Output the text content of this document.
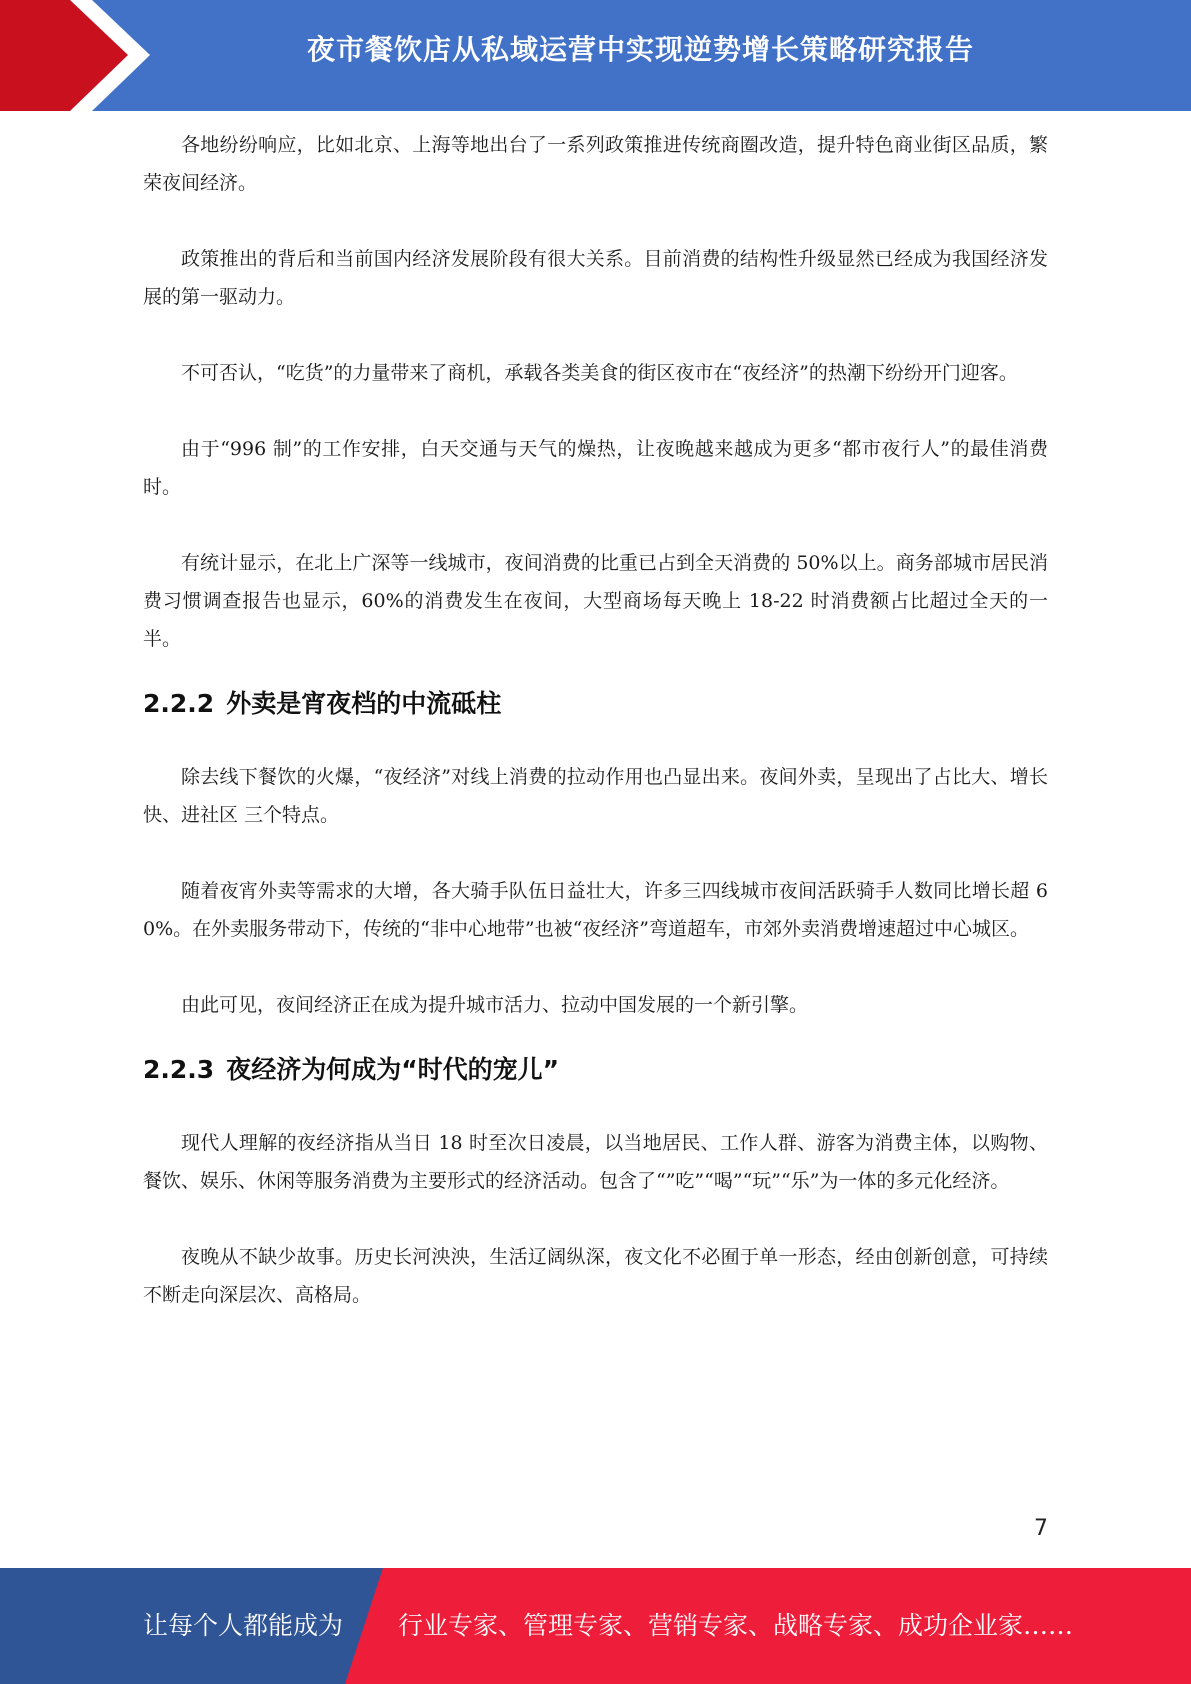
夜市餐饮店从私域运营中实现逆势增长策略研究报告

各地纷纷响应，比如北京、上海等地出台了一系列政策推进传统商圈改造，提升特色商业街区品质，繁荣夜间经济。

政策推出的背后和当前国内经济发展阶段有很大关系。目前消费的结构性升级显然已经成为我国经济发展的第一驱动力。

不可否认，“吃货”的力量带来了商机，承载各类美食的街区夜市在“夜经济”的热潮下纷纷开门迎客。

由于“996 制”的工作安排，白天交通与天气的燥热，让夜晚越来越成为更多“都市夜行人”的最佳消费时。

有统计显示，在北上广深等一线城市，夜间消费的比重已占到全天消费的 50%以上。商务部城市居民消费习惯调查报告也显示，60%的消费发生在夜间，大型商场每天晚上 18-22 时消费额占比超过全天的一半。

2.2.2 外卖是宵夜档的中流砥柱

除去线下餐饮的火爆，“夜经济”对线上消费的拉动作用也凸显出来。夜间外卖，呈现出了占比大、增长快、进社区 三个特点。

随着夜宵外卖等需求的大增，各大骑手队伍日益壮大，许多三四线城市夜间活跃骑手人数同比增长超 60%。在外卖服务带动下，传统的“非中心地带”也被“夜经济”弯道超车，市郊外卖消费增速超过中心城区。

由此可见，夜间经济正在成为提升城市活力、拉动中国发展的一个新引擎。

2.2.3 夜经济为何成为“时代的宠儿”

现代人理解的夜经济指从当日 18 时至次日凌晨，以当地居民、工作人群、游客为消费主体，以购物、餐饮、娱乐、休闲等服务消费为主要形式的经济活动。包含了“”吃”“喝”“玩”“乐”为一体的多元化经济。

夜晚从不缺少故事。历史长河泱泱，生活辽阔纵深，夜文化不必囿于单一形态，经由创新创意，可持续不断走向深层次、高格局。

7
让每个人都能成为 行业专家、管理专家、营销专家、战略专家、成功企业家……
